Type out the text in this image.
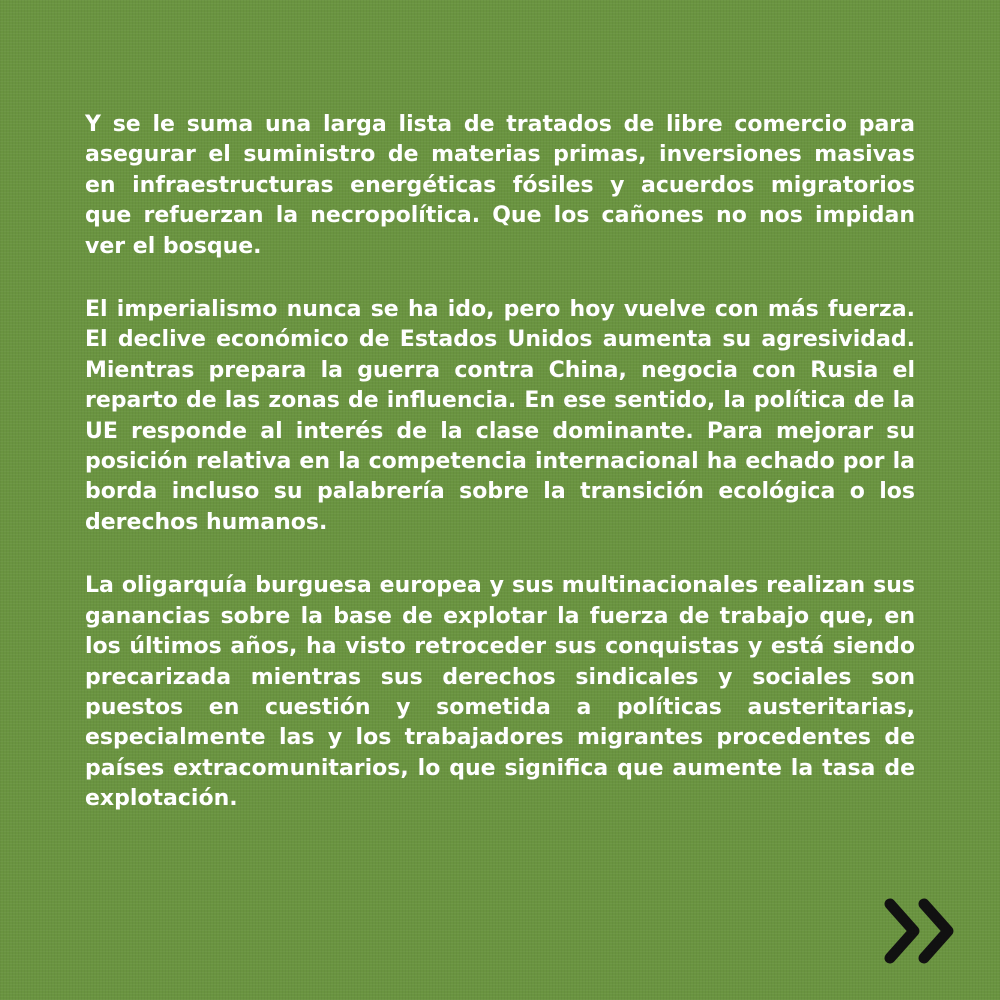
Y se le suma una larga lista de tratados de libre comercio para asegurar el suministro de materias primas, inversiones masivas en infraestructuras energéticas fósiles y acuerdos migratorios que refuerzan la necropolítica. Que los cañones no nos impidan ver el bosque.

El imperialismo nunca se ha ido, pero hoy vuelve con más fuerza. El declive económico de Estados Unidos aumenta su agresividad. Mientras prepara la guerra contra China, negocia con Rusia el reparto de las zonas de influencia. En ese sentido, la política de la UE responde al interés de la clase dominante. Para mejorar su posición relativa en la competencia internacional ha echado por la borda incluso su palabrería sobre la transición ecológica o los derechos humanos.

La oligarquía burguesa europea y sus multinacionales realizan sus ganancias sobre la base de explotar la fuerza de trabajo que, en los últimos años, ha visto retroceder sus conquistas y está siendo precarizada mientras sus derechos sindicales y sociales son puestos en cuestión y sometida a políticas austeritarias, especialmente las y los trabajadores migrantes procedentes de países extracomunitarios, lo que significa que aumente la tasa de explotación.
